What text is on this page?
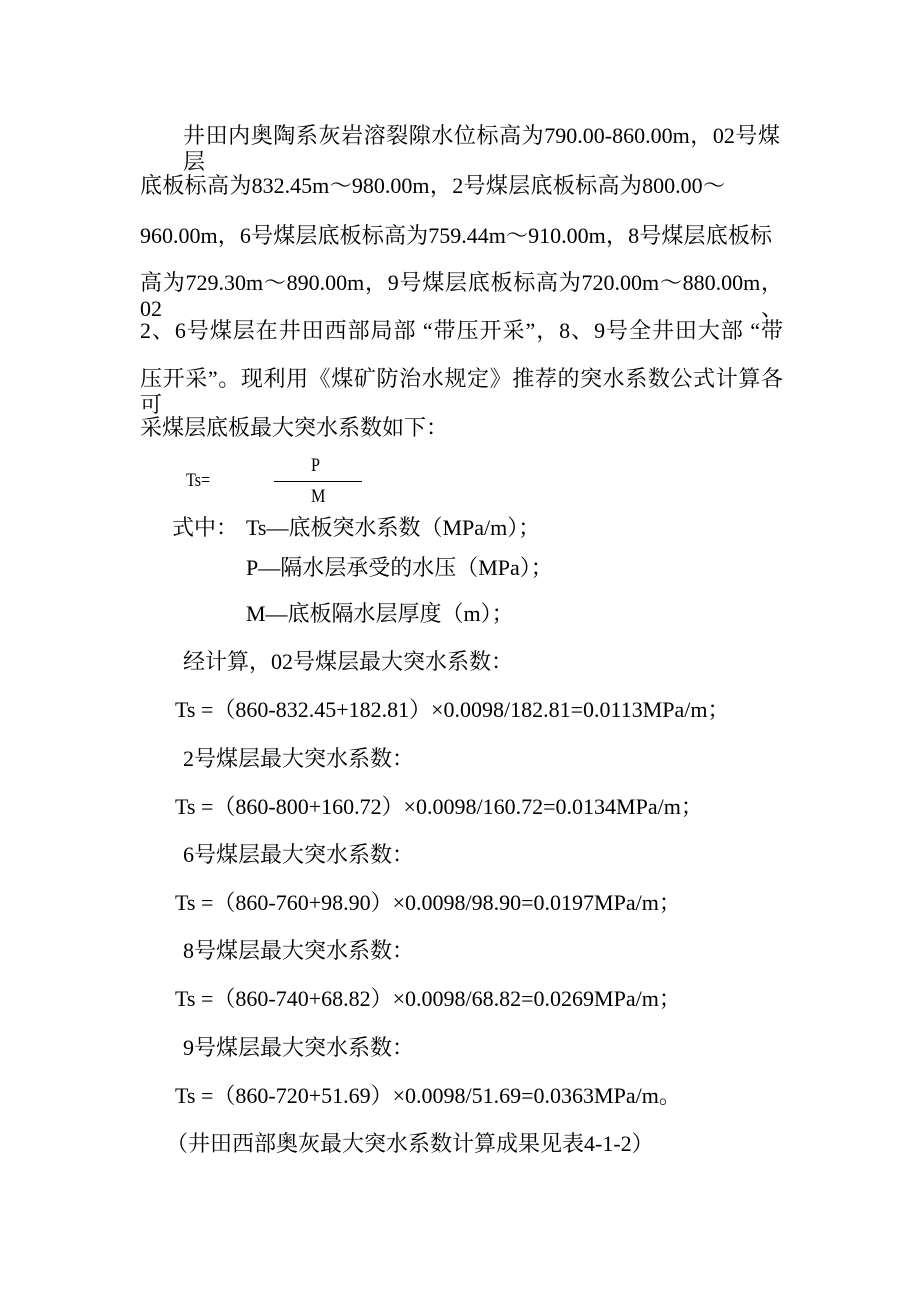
井田内奥陶系灰岩溶裂隙水位标高为790.00-860.00m，02号煤层
底板标高为832.45m～980.00m，2号煤层底板标高为800.00～
960.00m，6号煤层底板标高为759.44m～910.00m，8号煤层底板标
高为729.30m～890.00m，9号煤层底板标高为720.00m～880.00m，02、
2、6号煤层在井田西部局部 “带压开采”，8、9号全井田大部 “带
压开采”。现利用《煤矿防治水规定》推荐的突水系数公式计算各可
采煤层底板最大突水系数如下：
Ts=
P
M
式中： Ts—底板突水系数（MPa/m）；
P—隔水层承受的水压（MPa）；
M—底板隔水层厚度（m）；
经计算，02号煤层最大突水系数：
Ts =（860-832.45+182.81）×0.0098/182.81=0.0113MPa/m；
2号煤层最大突水系数：
Ts =（860-800+160.72）×0.0098/160.72=0.0134MPa/m；
6号煤层最大突水系数：
Ts =（860-760+98.90）×0.0098/98.90=0.0197MPa/m；
8号煤层最大突水系数：
Ts =（860-740+68.82）×0.0098/68.82=0.0269MPa/m；
9号煤层最大突水系数：
Ts =（860-720+51.69）×0.0098/51.69=0.0363MPa/m。
（井田西部奥灰最大突水系数计算成果见表4-1-2）
